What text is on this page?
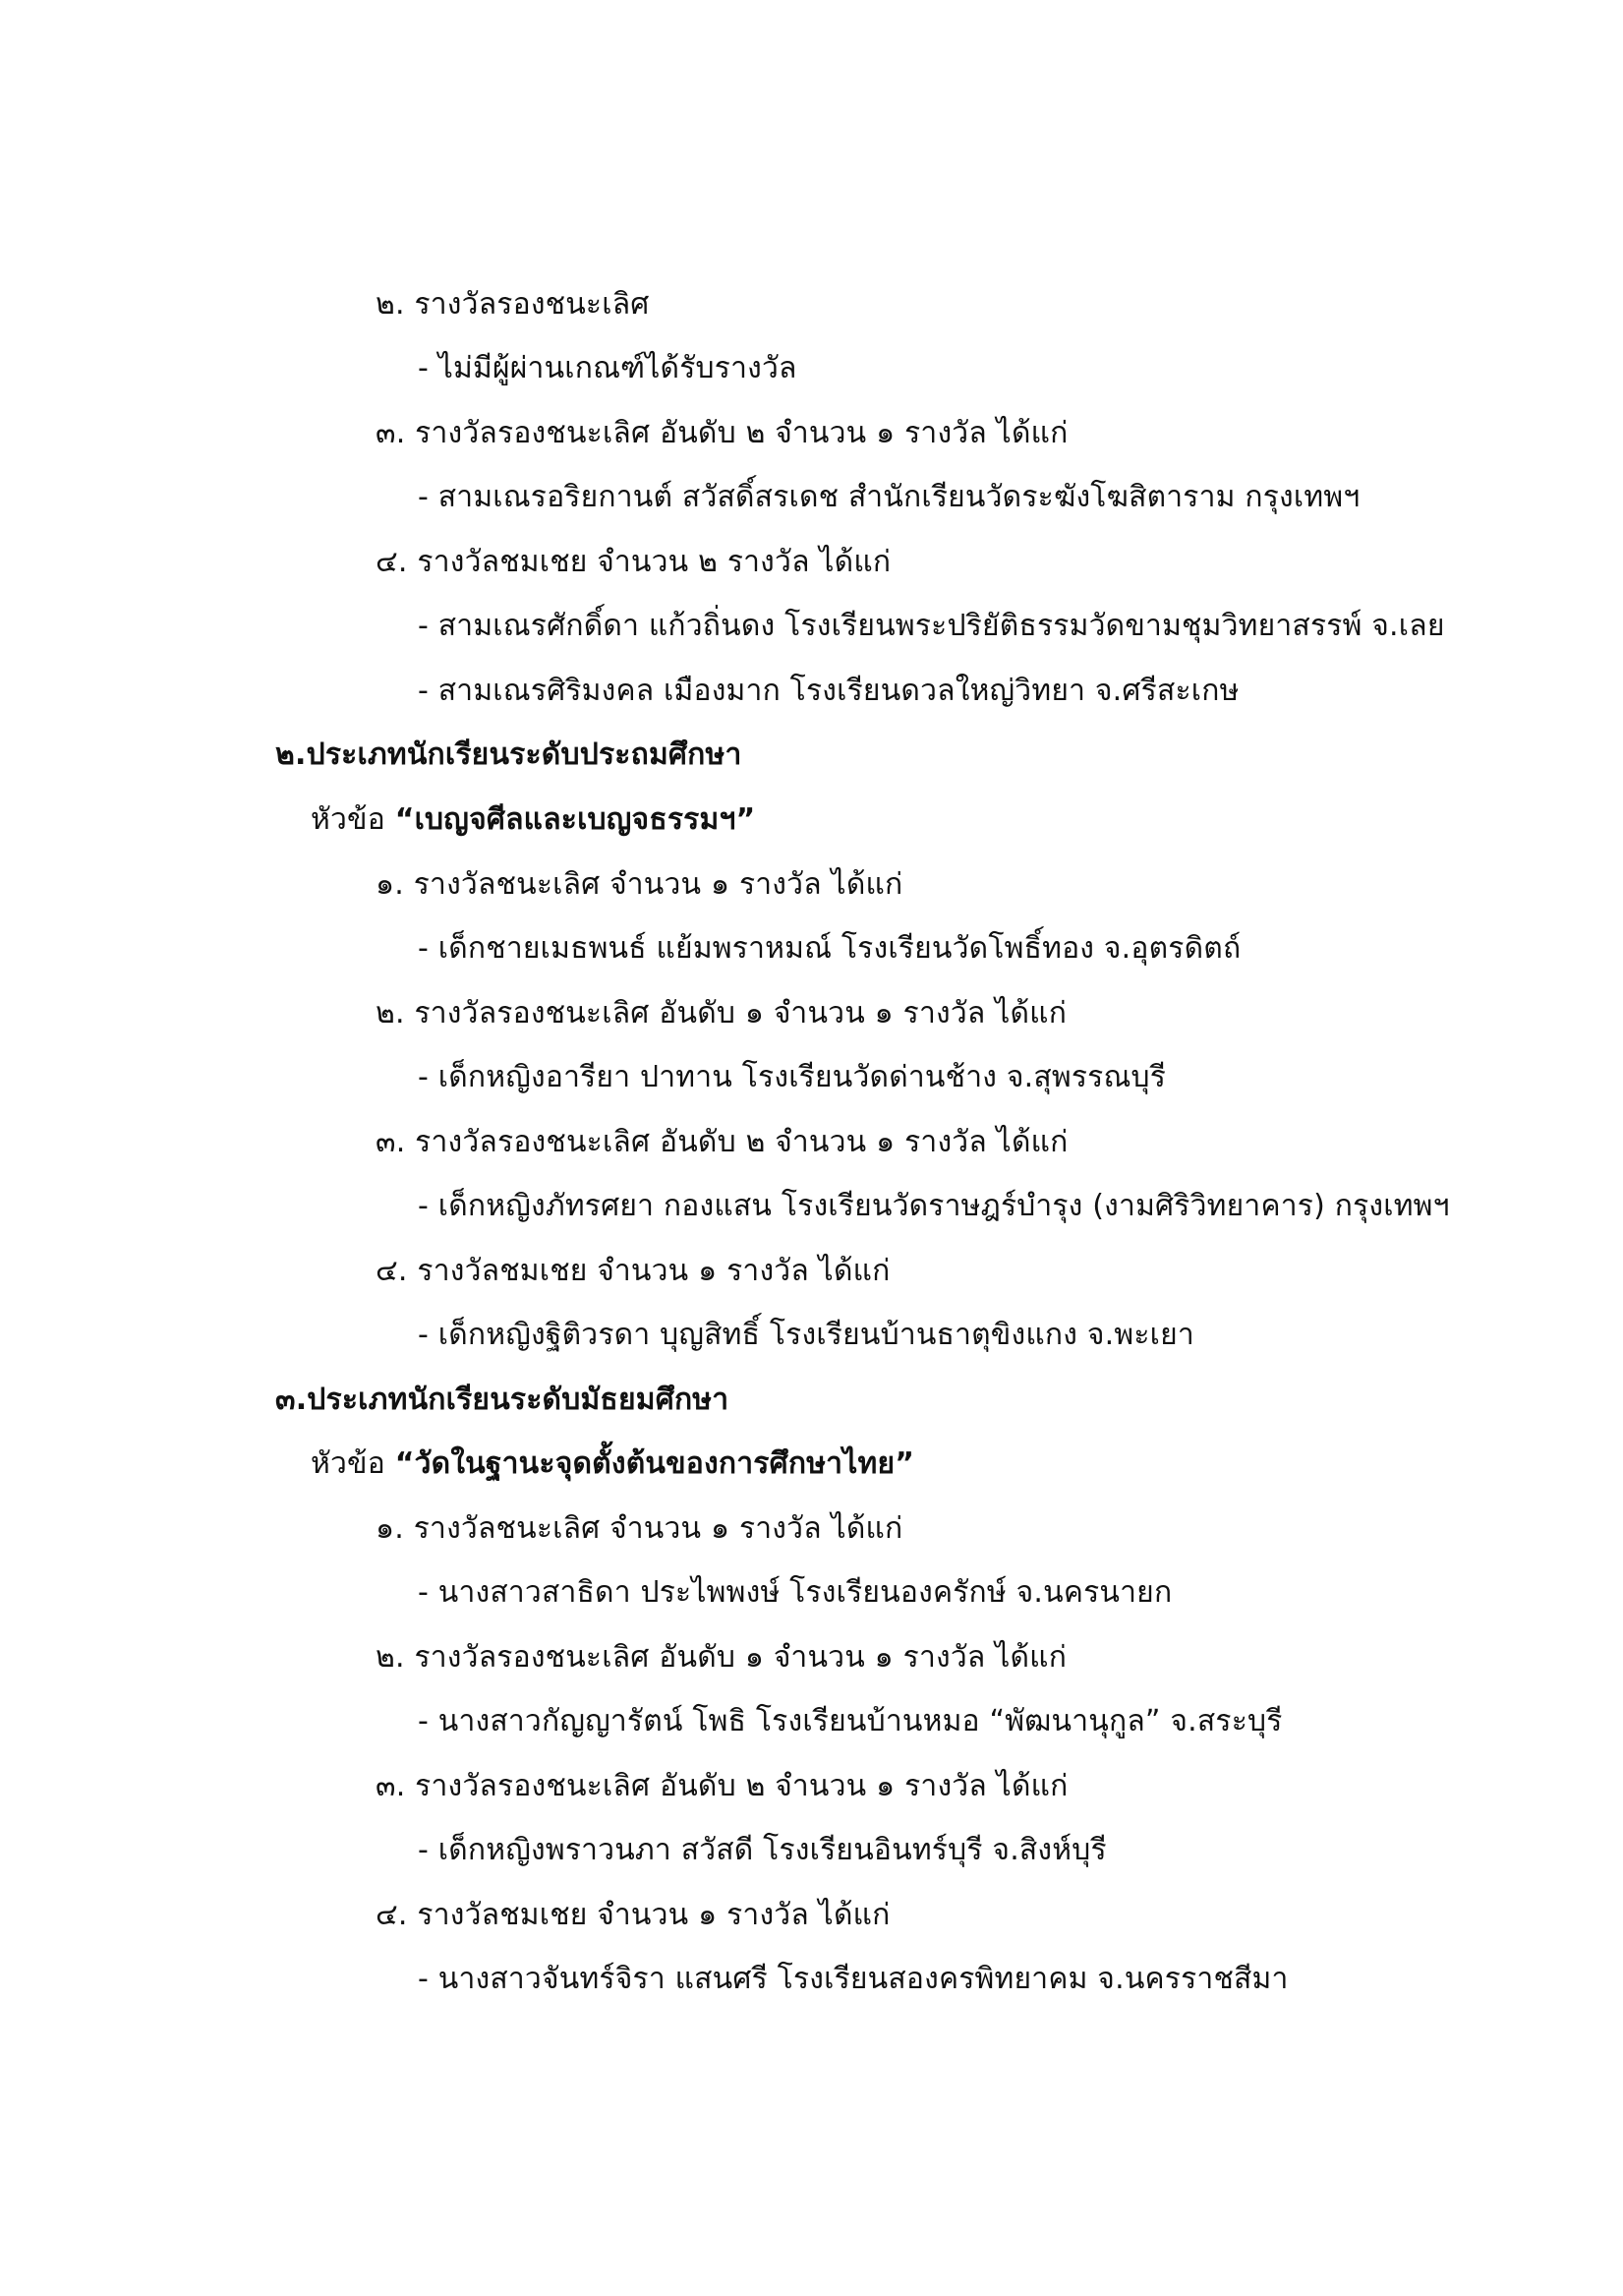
๒. รางวัลรองชนะเลิศ
- ไม่มีผู้ผ่านเกณฑ์ได้รับรางวัล
๓. รางวัลรองชนะเลิศ อันดับ ๒ จำนวน ๑ รางวัล ได้แก่
- สามเณรอริยกานต์ สวัสดิ์สรเดช สำนักเรียนวัดระฆังโฆสิตาราม กรุงเทพฯ
๔. รางวัลชมเชย จำนวน ๒ รางวัล ได้แก่
- สามเณรศักดิ์ดา แก้วถิ่นดง โรงเรียนพระปริยัติธรรมวัดขามชุมวิทยาสรรพ์ จ.เลย
- สามเณรศิริมงคล เมืองมาก โรงเรียนดวลใหญ่วิทยา จ.ศรีสะเกษ
๒.ประเภทนักเรียนระดับประถมศึกษา
หัวข้อ “เบญจศีลและเบญจธรรมฯ”
๑. รางวัลชนะเลิศ จำนวน ๑ รางวัล ได้แก่
- เด็กชายเมธพนธ์ แย้มพราหมณ์ โรงเรียนวัดโพธิ์ทอง จ.อุตรดิตถ์
๒. รางวัลรองชนะเลิศ อันดับ ๑ จำนวน ๑ รางวัล ได้แก่
- เด็กหญิงอารียา ปาทาน โรงเรียนวัดด่านช้าง จ.สุพรรณบุรี
๓. รางวัลรองชนะเลิศ อันดับ ๒ จำนวน ๑ รางวัล ได้แก่
- เด็กหญิงภัทรศยา กองแสน โรงเรียนวัดราษฎร์บำรุง (งามศิริวิทยาคาร) กรุงเทพฯ
๔. รางวัลชมเชย จำนวน ๑ รางวัล ได้แก่
- เด็กหญิงฐิติวรดา บุญสิทธิ์ โรงเรียนบ้านธาตุขิงแกง จ.พะเยา
๓.ประเภทนักเรียนระดับมัธยมศึกษา
หัวข้อ “วัดในฐานะจุดตั้งต้นของการศึกษาไทย”
๑. รางวัลชนะเลิศ จำนวน ๑ รางวัล ได้แก่
- นางสาวสาธิดา ประไพพงษ์ โรงเรียนองครักษ์ จ.นครนายก
๒. รางวัลรองชนะเลิศ อันดับ ๑ จำนวน ๑ รางวัล ได้แก่
- นางสาวกัญญารัตน์ โพธิ โรงเรียนบ้านหมอ “พัฒนานุกูล” จ.สระบุรี
๓. รางวัลรองชนะเลิศ อันดับ ๒ จำนวน ๑ รางวัล ได้แก่
- เด็กหญิงพราวนภา สวัสดี โรงเรียนอินทร์บุรี จ.สิงห์บุรี
๔. รางวัลชมเชย จำนวน ๑ รางวัล ได้แก่
- นางสาวจันทร์จิรา แสนศรี โรงเรียนสองครพิทยาคม จ.นครราชสีมา
